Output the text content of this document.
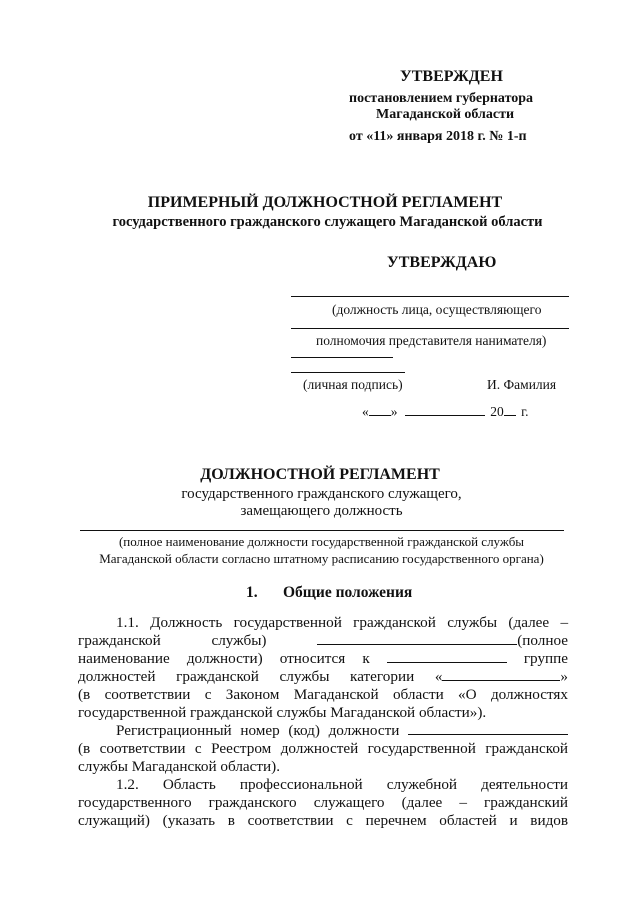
УТВЕРЖДЕН
постановлением губернатора
Магаданской области
от «11» января 2018 г. № 1-п
ПРИМЕРНЫЙ ДОЛЖНОСТНОЙ РЕГЛАМЕНТ
государственного гражданского служащего Магаданской области
УТВЕРЖДАЮ
(должность лица, осуществляющего
полномочия представителя нанимателя)
(личная подпись)	И. Фамилия
« »	20 г.
ДОЛЖНОСТНОЙ РЕГЛАМЕНТ
государственного гражданского служащего,
замещающего должность
(полное наименование должности государственной гражданской службы
Магаданской области согласно штатному расписанию государственного органа)
1. Общие положения
1.1. Должность государственной гражданской службы (далее –
гражданской	службы)	(полное
наименование должности) относится к	группе
должностей гражданской службы категории «	»
(в соответствии с Законом Магаданской области «О должностях
государственной гражданской службы Магаданской области»).
Регистрационный номер (код) должности
(в соответствии с Реестром должностей государственной гражданской
службы Магаданской области).
1.2. Область профессиональной служебной деятельности
государственного гражданского служащего (далее – гражданский
служащий) (указать в соответствии с перечнем областей и видов
